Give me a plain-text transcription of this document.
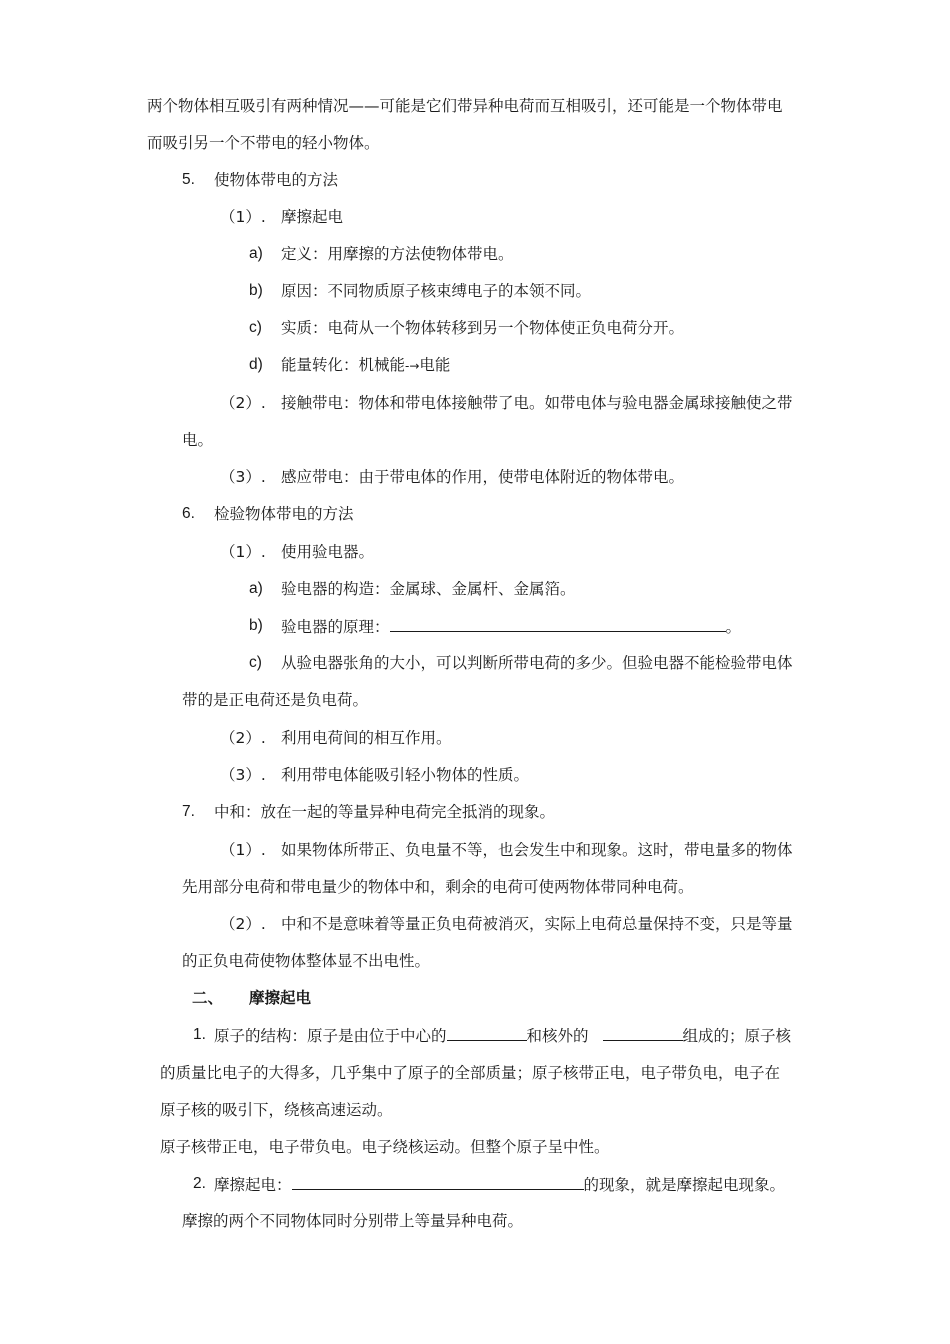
两个物体相互吸引有两种情况——可能是它们带异种电荷而互相吸引，还可能是一个物体带电
而吸引另一个不带电的轻小物体。
5. 使物体带电的方法
（1）. 摩擦起电
a) 定义：用摩擦的方法使物体带电。
b) 原因：不同物质原子核束缚电子的本领不同。
c) 实质：电荷从一个物体转移到另一个物体使正负电荷分开。
d) 能量转化：机械能-→电能
（2）. 接触带电：物体和带电体接触带了电。如带电体与验电器金属球接触使之带
电。
（3）. 感应带电：由于带电体的作用，使带电体附近的物体带电。
6. 检验物体带电的方法
（1）. 使用验电器。
a) 验电器的构造：金属球、金属杆、金属箔。
b) 验电器的原理：	。
c) 从验电器张角的大小，可以判断所带电荷的多少。但验电器不能检验带电体
带的是正电荷还是负电荷。
（2）. 利用电荷间的相互作用。
（3）. 利用带电体能吸引轻小物体的性质。
7. 中和：放在一起的等量异种电荷完全抵消的现象。
（1）. 如果物体所带正、负电量不等，也会发生中和现象。这时，带电量多的物体
先用部分电荷和带电量少的物体中和，剩余的电荷可使两物体带同种电荷。
（2）. 中和不是意味着等量正负电荷被消灭，实际上电荷总量保持不变，只是等量
的正负电荷使物体整体显不出电性。
二、 摩擦起电
1. 原子的结构：原子是由位于中心的	和核外的	组成的；原子核
的质量比电子的大得多，几乎集中了原子的全部质量；原子核带正电，电子带负电，电子在
原子核的吸引下，绕核高速运动。
原子核带正电，电子带负电。电子绕核运动。但整个原子呈中性。
2. 摩擦起电：	的现象，就是摩擦起电现象。
摩擦的两个不同物体同时分别带上等量异种电荷。
